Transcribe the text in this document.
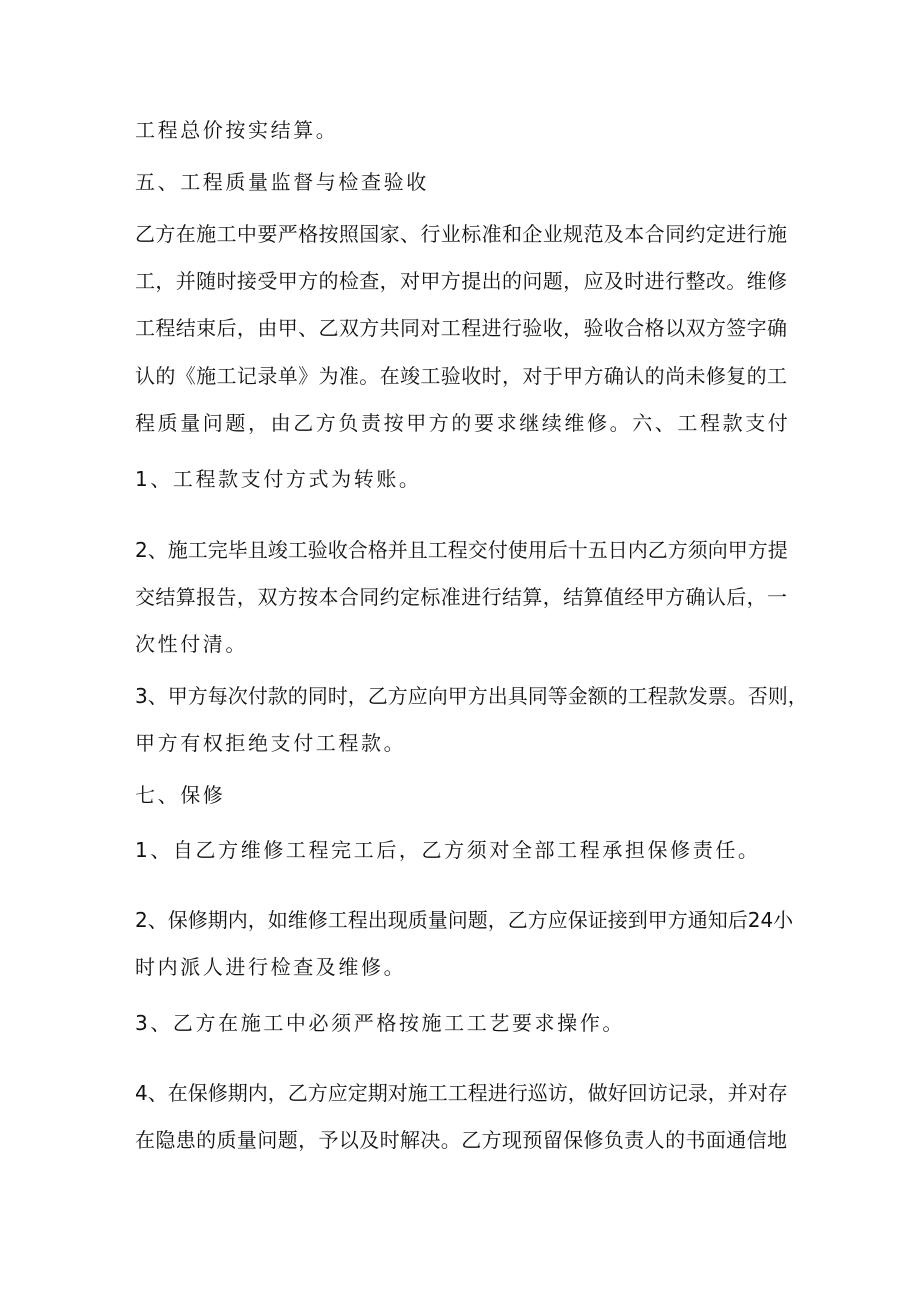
工程总价按实结算。

五、工程质量监督与检查验收

乙方在施工中要严格按照国家、行业标准和企业规范及本合同约定进行施

工，并随时接受甲方的检查，对甲方提出的问题，应及时进行整改。维修

工程结束后，由甲、乙双方共同对工程进行验收，验收合格以双方签字确

认的《施工记录单》为准。在竣工验收时，对于甲方确认的尚未修复的工

程质量问题，由乙方负责按甲方的要求继续维修。六、工程款支付

1、工程款支付方式为转账。

2、施工完毕且竣工验收合格并且工程交付使用后十五日内乙方须向甲方提

交结算报告，双方按本合同约定标准进行结算，结算值经甲方确认后，一

次性付清。

3、甲方每次付款的同时，乙方应向甲方出具同等金额的工程款发票。否则，

甲方有权拒绝支付工程款。

七、保修

1、自乙方维修工程完工后，乙方须对全部工程承担保修责任。

2、保修期内，如维修工程出现质量问题，乙方应保证接到甲方通知后24小

时内派人进行检查及维修。

3、乙方在施工中必须严格按施工工艺要求操作。

4、在保修期内，乙方应定期对施工工程进行巡访，做好回访记录，并对存

在隐患的质量问题，予以及时解决。乙方现预留保修负责人的书面通信地
